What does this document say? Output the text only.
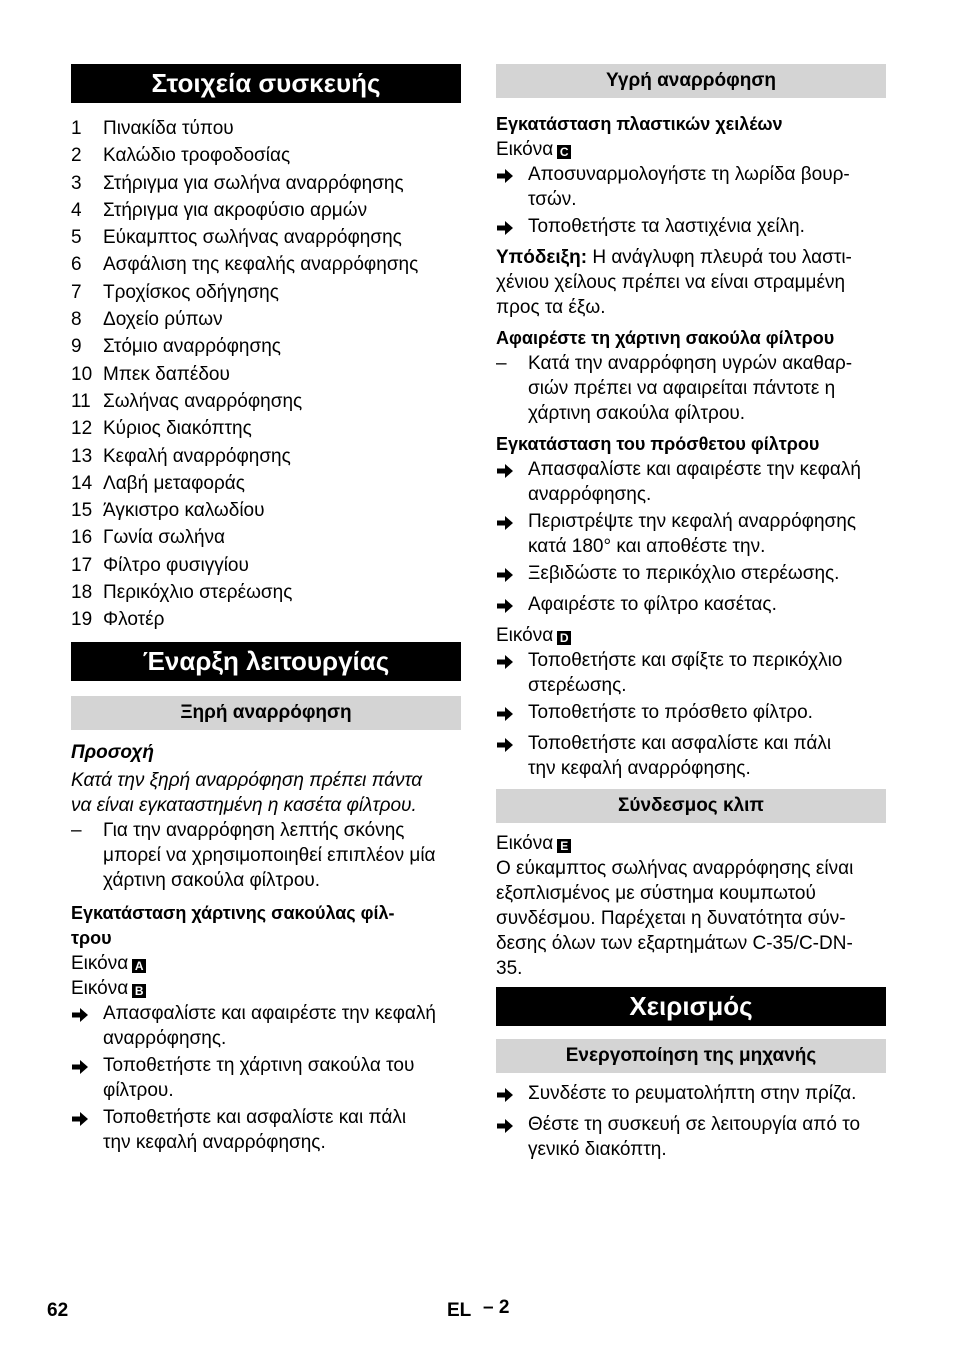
Στοιχεία συσκευής
1	Πινακίδα τύπου
2	Καλώδιο τροφοδοσίας
3	Στήριγμα για σωλήνα αναρρόφησης
4	Στήριγμα για ακροφύσιο αρμών
5	Εύκαμπτος σωλήνας αναρρόφησης
6	Ασφάλιση της κεφαλής αναρρόφησης
7	Τροχίσκος οδήγησης
8	Δοχείο ρύπων
9	Στόμιο αναρρόφησης
10 Μπεκ δαπέδου
11 Σωλήνας αναρρόφησης
12 Κύριος διακόπτης
13 Κεφαλή αναρρόφησης
14 Λαβή μεταφοράς
15 Άγκιστρο καλωδίου
16 Γωνία σωλήνα
17 Φίλτρο φυσιγγίου
18 Περικόχλιο στερέωσης
19 Φλοτέρ
Έναρξη λειτουργίας
Ξηρή αναρρόφηση

Προσοχή

Κατά την ξηρή αναρρόφηση πρέπει πάντα

να είναι εγκαταστημένη η κασέτα φίλτρου.

–	Για την αναρρόφηση λεπτής σκόνης
μπορεί να χρησιμοποιηθεί επιπλέον μία
χάρτινη σακούλα φίλτρου.

Εγκατάσταση χάρτινης σακούλας φίλ-

τρου

Εικόνα A

Εικόνα B

Απασφαλίστε και αφαιρέστε την κεφαλή
αναρρόφησης.
Τοποθετήστε τη χάρτινη σακούλα του
φίλτρου.
Τοποθετήστε και ασφαλίστε και πάλι
την κεφαλή αναρρόφησης.
Υγρή αναρρόφηση

Εγκατάσταση πλαστικών χειλέων

Εικόνα C

Αποσυναρμολογήστε τη λωρίδα βουρ-
τσών.
Τοποθετήστε τα λαστιχένια χείλη.

Υπόδειξη: Η ανάγλυφη πλευρά του λαστι-

χένιου χείλους πρέπει να είναι στραμμένη

προς τα έξω.

Αφαιρέστε τη χάρτινη σακούλα φίλτρου

–	Κατά την αναρρόφηση υγρών ακαθαρ-
σιών πρέπει να αφαιρείται πάντοτε η
χάρτινη σακούλα φίλτρου.

Εγκατάσταση του πρόσθετου φίλτρου

Απασφαλίστε και αφαιρέστε την κεφαλή
αναρρόφησης.
Περιστρέψτε την κεφαλή αναρρόφησης
κατά 180° και αποθέστε την.
Ξεβιδώστε το περικόχλιο στερέωσης.
Αφαιρέστε το φίλτρο κασέτας.

Εικόνα D

Τοποθετήστε και σφίξτε το περικόχλιο
στερέωσης.
Τοποθετήστε το πρόσθετο φίλτρο.
Τοποθετήστε και ασφαλίστε και πάλι
την κεφαλή αναρρόφησης.
Σύνδεσμος κλιπ

Εικόνα E

Ο εύκαμπτος σωλήνας αναρρόφησης είναι

εξοπλισμένος με σύστημα κουμπωτού

συνδέσμου. Παρέχεται η δυνατότητα σύν-

δεσης όλων των εξαρτημάτων C-35/C-DN-

35.

Χειρισμός
Ενεργοποίηση της μηχανής
Συνδέστε το ρευματολήπτη στην πρίζα.
Θέστε τη συσκευή σε λειτουργία από το
γενικό διακόπτη.
62	EL – 2
